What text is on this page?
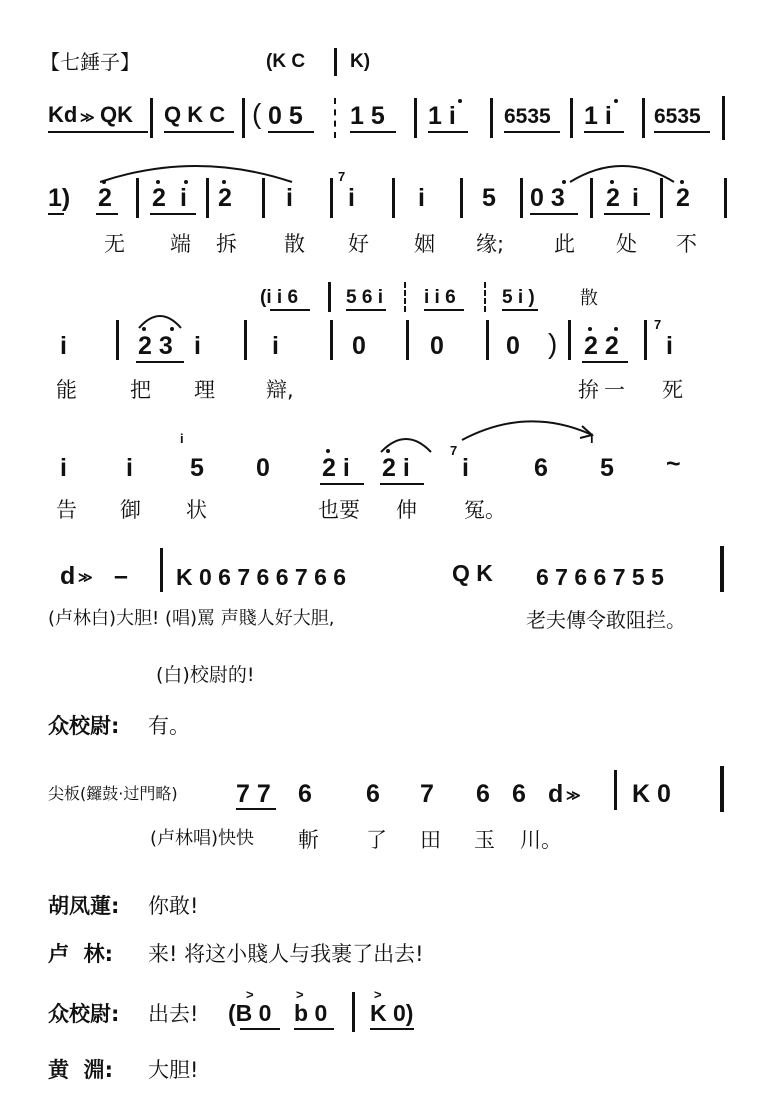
【七錘子】	(K C K)
Kd ≫ QK Q K C ( 0 5 1 5 1 i 6535 1 i 6535
1) 2 2 i 2 i
7
i	i 5 0 3 2 i 2
无 端 拆 散 好 姻 缘; 此 处 不
(i i 6	5 6 i i i 6 5 i )	散
i	2 3 i	i	0	0 0 ) 2 2
7
i
能	把 理 辯,	拚 一 死
i i
i
5 0 2 i 2 i
7
i	6
i
5 ~
告 御 状	也要 伸 冤。
d ≫ – K 0 6 7 6 6 7 6 6	Q K 6 7 6 6 7 5 5
(卢林白)大胆! (唱)罵 声賤人好大胆,	老夫傳令敢阻拦。
(白)校尉的!
众校尉: 有。
尖板(鑼鼓·过門略) 7 7 6 6 7 6 6 d ≫ K 0
(卢林唱)快快 斬 了 田 玉 川。
胡凤蓮: 你敢!
卢  林: 来! 将这小賤人与我裹了出去!
众校尉: 出去!
>	>	>
(B 0 b 0 K 0)
黄  淵: 大胆!
